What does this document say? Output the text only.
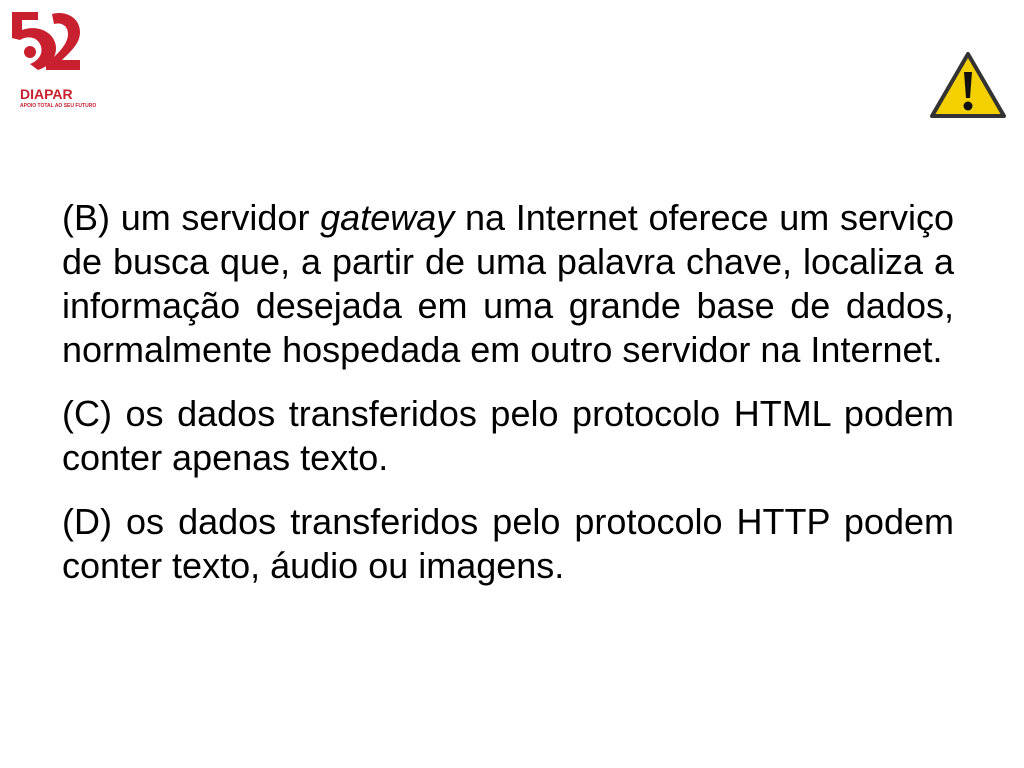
DIAPAR
APOIO TOTAL AO SEU FUTURO

(B) um servidor gateway na Internet oferece um serviço de busca que, a partir de uma palavra chave, localiza a informação desejada em uma grande base de dados, normalmente hospedada em outro servidor na Internet.

(C) os dados transferidos pelo protocolo HTML podem conter apenas texto.

(D) os dados transferidos pelo protocolo HTTP podem conter texto, áudio ou imagens.
